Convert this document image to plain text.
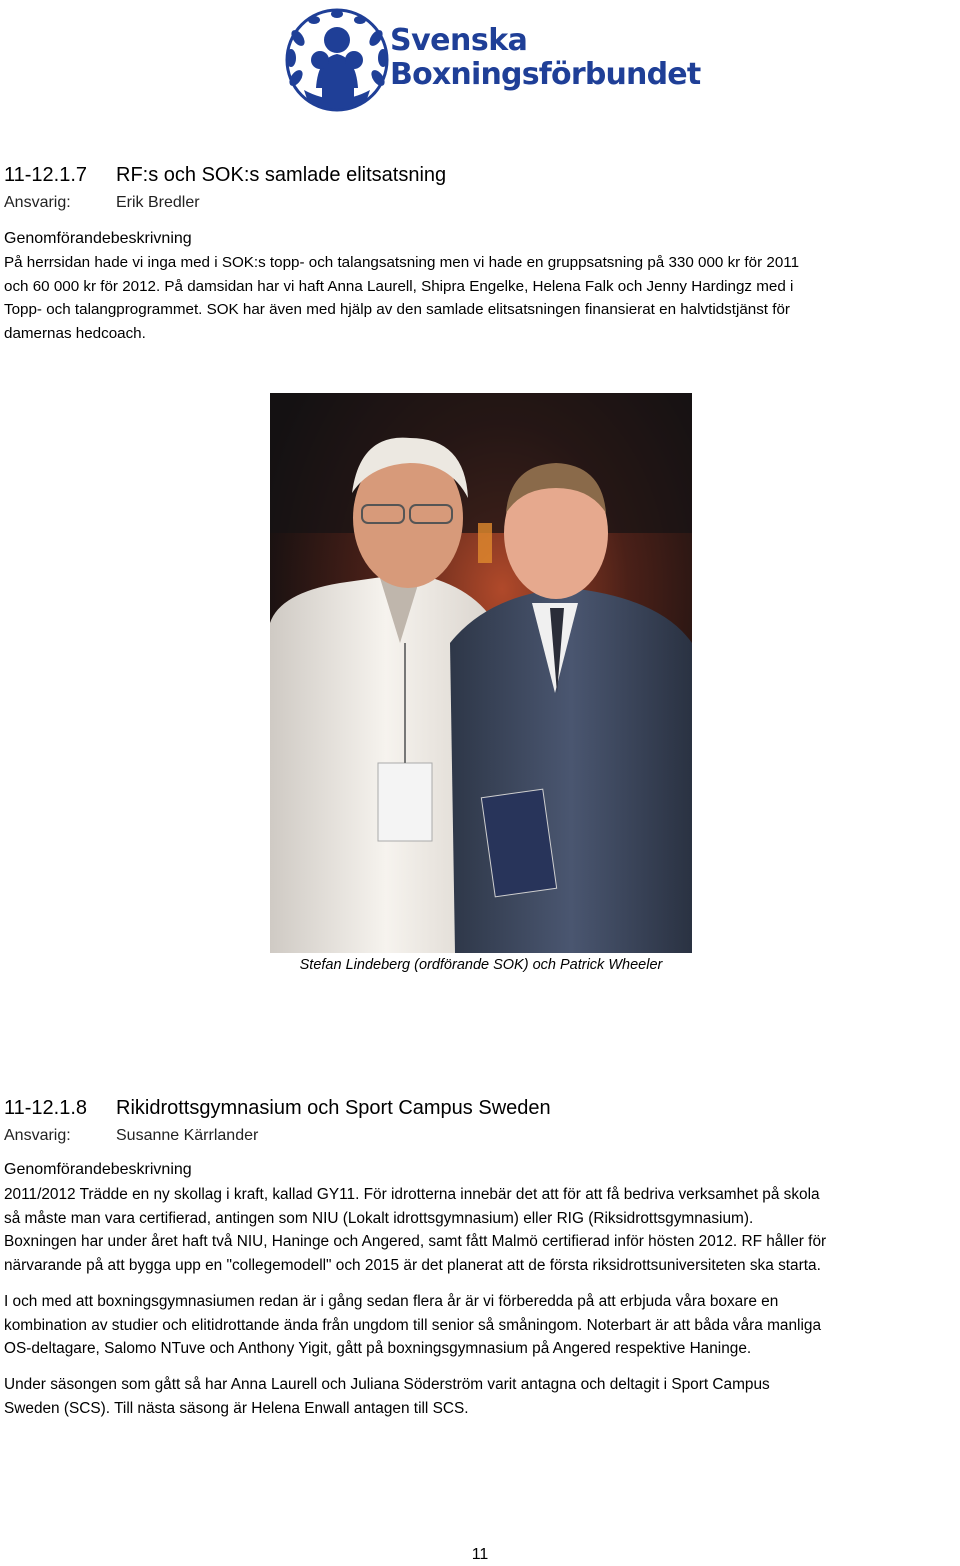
Svenska
Boxningsförbundet
11-12.1.7 RF:s och SOK:s samlade elitsatsning
Ansvarig:	Erik Bredler
Genomförandebeskrivning
På herrsidan hade vi inga med i SOK:s topp- och talangsatsning men vi hade en gruppsatsning på 330 000 kr för 2011
och 60 000 kr för 2012. På damsidan har vi haft Anna Laurell, Shipra Engelke, Helena Falk och Jenny Hardingz med i
Topp- och talangprogrammet. SOK har även med hjälp av den samlade elitsatsningen finansierat en halvtidstjänst för
damernas hedcoach.
Stefan Lindeberg (ordförande SOK) och Patrick Wheeler
11-12.1.8 Rikidrottsgymnasium och Sport Campus Sweden
Ansvarig:	Susanne Kärrlander
Genomförandebeskrivning
2011/2012 Trädde en ny skollag i kraft, kallad GY11. För idrotterna innebär det att för att få bedriva verksamhet på skola
så måste man vara certifierad, antingen som NIU (Lokalt idrottsgymnasium) eller RIG (Riksidrottsgymnasium).
Boxningen har under året haft två NIU, Haninge och Angered, samt fått Malmö certifierad inför hösten 2012. RF håller för
närvarande på att bygga upp en "collegemodell" och 2015 är det planerat att de första riksidrottsuniversiteten ska starta.
I och med att boxningsgymnasiumen redan är i gång sedan flera år är vi förberedda på att erbjuda våra boxare en
kombination av studier och elitidrottande ända från ungdom till senior så småningom. Noterbart är att båda våra manliga
OS-deltagare, Salomo NTuve och Anthony Yigit, gått på boxningsgymnasium på Angered respektive Haninge.
Under säsongen som gått så har Anna Laurell och Juliana Söderström varit antagna och deltagit i Sport Campus
Sweden (SCS). Till nästa säsong är Helena Enwall antagen till SCS.
11
